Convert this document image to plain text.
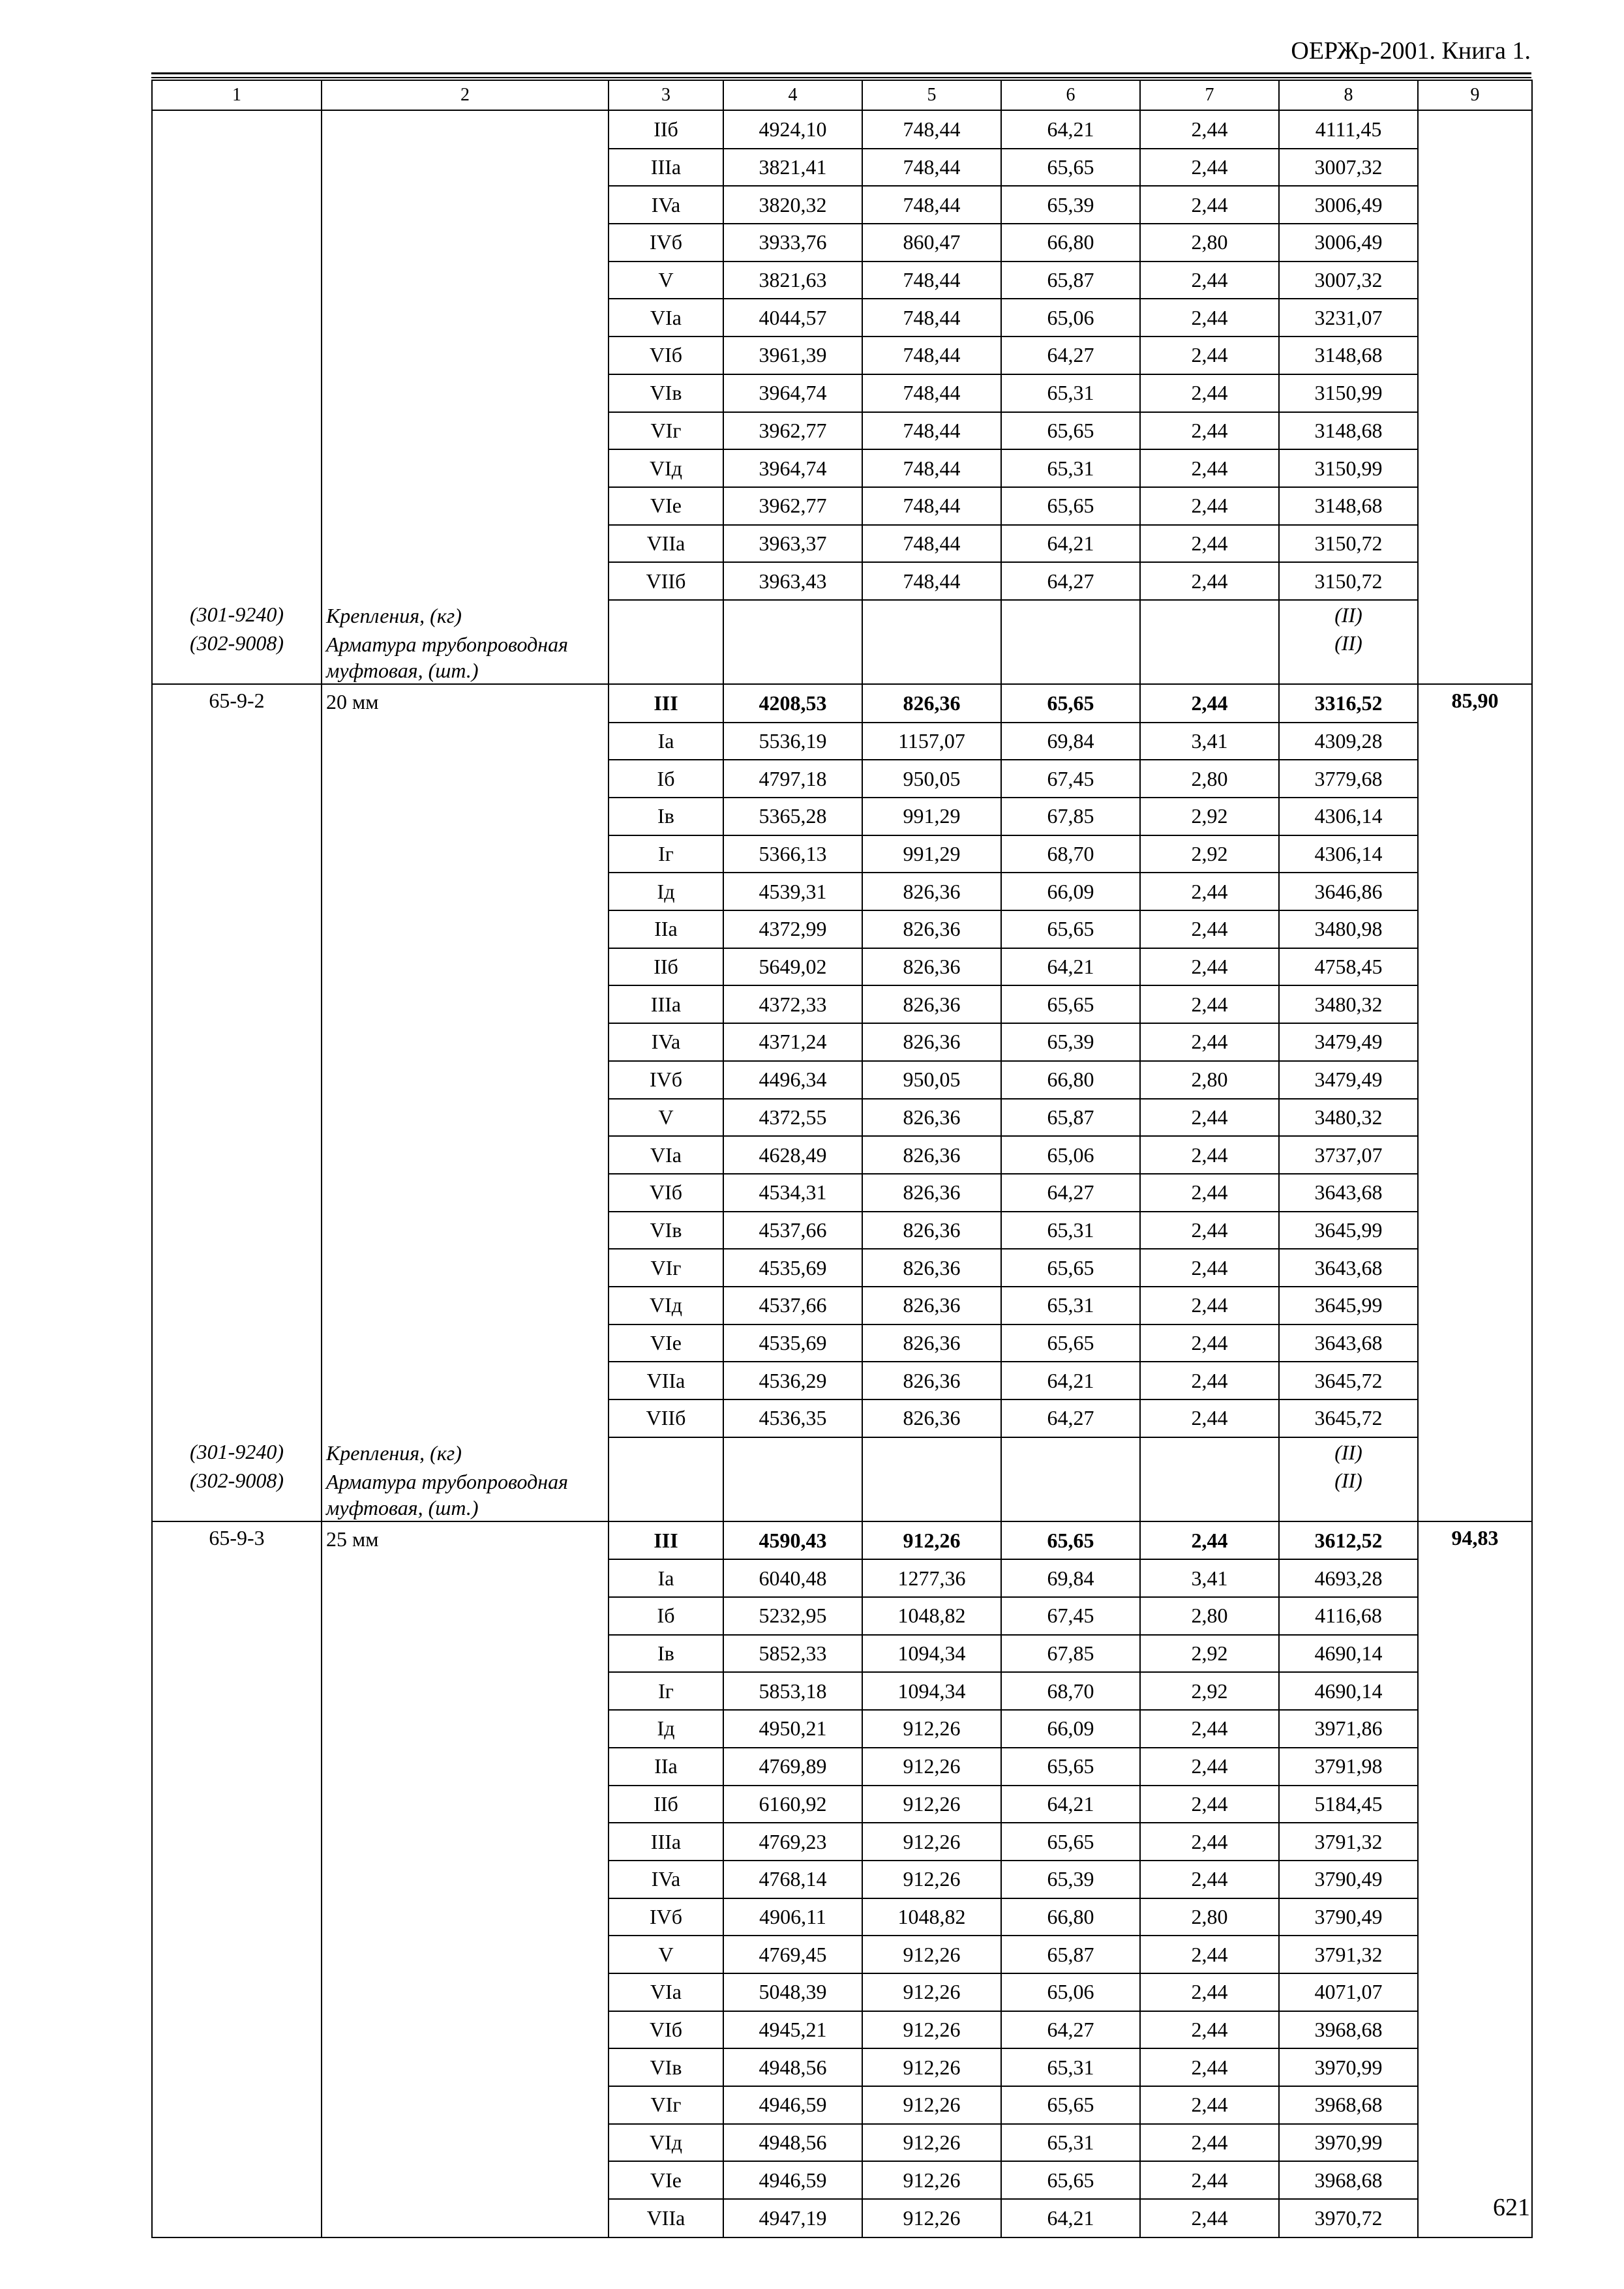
ОЕРЖр-2001. Книга 1.
1	2	3	4	5	6	7	8	9
		IIб	4924,10	748,44	64,21	2,44	4111,45	
		IIIa	3821,41	748,44	65,65	2,44	3007,32	
		IVa	3820,32	748,44	65,39	2,44	3006,49	
		IVб	3933,76	860,47	66,80	2,80	3006,49	
		V	3821,63	748,44	65,87	2,44	3007,32	
		VIa	4044,57	748,44	65,06	2,44	3231,07	
		VIб	3961,39	748,44	64,27	2,44	3148,68	
		VIв	3964,74	748,44	65,31	2,44	3150,99	
		VIг	3962,77	748,44	65,65	2,44	3148,68	
		VIд	3964,74	748,44	65,31	2,44	3150,99	
		VIe	3962,77	748,44	65,65	2,44	3148,68	
		VIIa	3963,37	748,44	64,21	2,44	3150,72	
		VIIб	3963,43	748,44	64,27	2,44	3150,72	
(301-9240)	Крепления, (кг)						(II)	
(302-9008)	Арматура трубопроводная муфтовая, (шт.)						(II)	
65-9-2	20 мм	III	4208,53	826,36	65,65	2,44	3316,52	85,90
		Ia	5536,19	1157,07	69,84	3,41	4309,28	
		Iб	4797,18	950,05	67,45	2,80	3779,68	
		Iв	5365,28	991,29	67,85	2,92	4306,14	
		Iг	5366,13	991,29	68,70	2,92	4306,14	
		Iд	4539,31	826,36	66,09	2,44	3646,86	
		IIa	4372,99	826,36	65,65	2,44	3480,98	
		IIб	5649,02	826,36	64,21	2,44	4758,45	
		IIIa	4372,33	826,36	65,65	2,44	3480,32	
		IVa	4371,24	826,36	65,39	2,44	3479,49	
		IVб	4496,34	950,05	66,80	2,80	3479,49	
		V	4372,55	826,36	65,87	2,44	3480,32	
		VIa	4628,49	826,36	65,06	2,44	3737,07	
		VIб	4534,31	826,36	64,27	2,44	3643,68	
		VIв	4537,66	826,36	65,31	2,44	3645,99	
		VIг	4535,69	826,36	65,65	2,44	3643,68	
		VIд	4537,66	826,36	65,31	2,44	3645,99	
		VIe	4535,69	826,36	65,65	2,44	3643,68	
		VIIa	4536,29	826,36	64,21	2,44	3645,72	
		VIIб	4536,35	826,36	64,27	2,44	3645,72	
(301-9240)	Крепления, (кг)						(II)	
(302-9008)	Арматура трубопроводная муфтовая, (шт.)						(II)	
65-9-3	25 мм	III	4590,43	912,26	65,65	2,44	3612,52	94,83
		Ia	6040,48	1277,36	69,84	3,41	4693,28	
		Iб	5232,95	1048,82	67,45	2,80	4116,68	
		Iв	5852,33	1094,34	67,85	2,92	4690,14	
		Iг	5853,18	1094,34	68,70	2,92	4690,14	
		Iд	4950,21	912,26	66,09	2,44	3971,86	
		IIa	4769,89	912,26	65,65	2,44	3791,98	
		IIб	6160,92	912,26	64,21	2,44	5184,45	
		IIIa	4769,23	912,26	65,65	2,44	3791,32	
		IVa	4768,14	912,26	65,39	2,44	3790,49	
		IVб	4906,11	1048,82	66,80	2,80	3790,49	
		V	4769,45	912,26	65,87	2,44	3791,32	
		VIa	5048,39	912,26	65,06	2,44	4071,07	
		VIб	4945,21	912,26	64,27	2,44	3968,68	
		VIв	4948,56	912,26	65,31	2,44	3970,99	
		VIг	4946,59	912,26	65,65	2,44	3968,68	
		VIд	4948,56	912,26	65,31	2,44	3970,99	
		VIe	4946,59	912,26	65,65	2,44	3968,68	
		VIIa	4947,19	912,26	64,21	2,44	3970,72		621
